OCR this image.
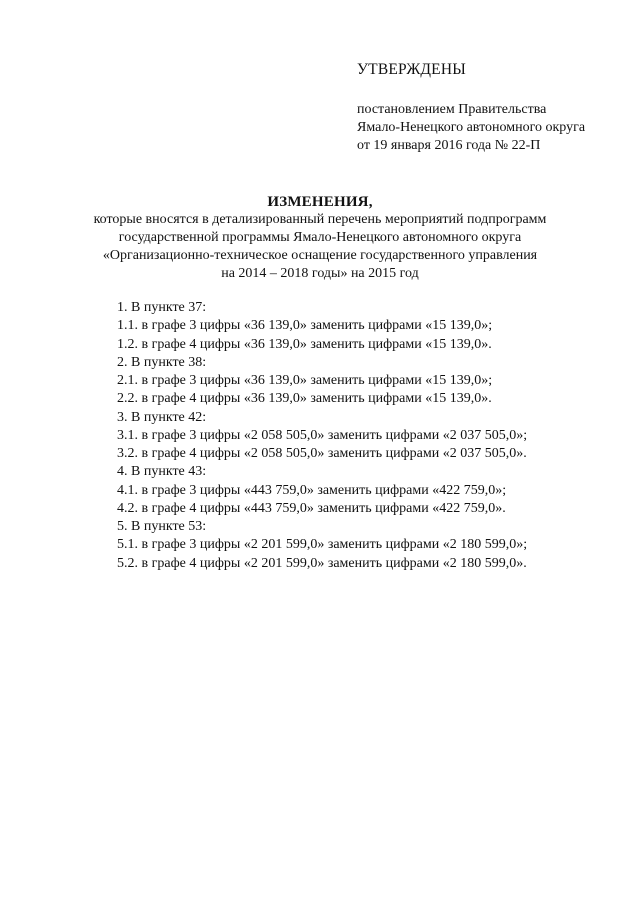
УТВЕРЖДЕНЫ
постановлением Правительства
Ямало-Ненецкого автономного округа
от 19 января 2016 года № 22-П
ИЗМЕНЕНИЯ,
которые вносятся в детализированный перечень мероприятий подпрограмм
государственной программы Ямало-Ненецкого автономного округа
«Организационно-техническое оснащение государственного управления
на 2014 – 2018 годы» на 2015 год
1. В пункте 37:
1.1. в графе 3 цифры «36 139,0» заменить цифрами «15 139,0»;
1.2. в графе 4 цифры «36 139,0» заменить цифрами «15 139,0».
2. В пункте 38:
2.1. в графе 3 цифры «36 139,0» заменить цифрами «15 139,0»;
2.2. в графе 4 цифры «36 139,0» заменить цифрами «15 139,0».
3. В пункте 42:
3.1. в графе 3 цифры «2 058 505,0» заменить цифрами «2 037 505,0»;
3.2. в графе 4 цифры «2 058 505,0» заменить цифрами «2 037 505,0».
4. В пункте 43:
4.1. в графе 3 цифры «443 759,0» заменить цифрами «422 759,0»;
4.2. в графе 4 цифры «443 759,0» заменить цифрами «422 759,0».
5. В пункте 53:
5.1. в графе 3 цифры «2 201 599,0» заменить цифрами «2 180 599,0»;
5.2. в графе 4 цифры «2 201 599,0» заменить цифрами «2 180 599,0».
